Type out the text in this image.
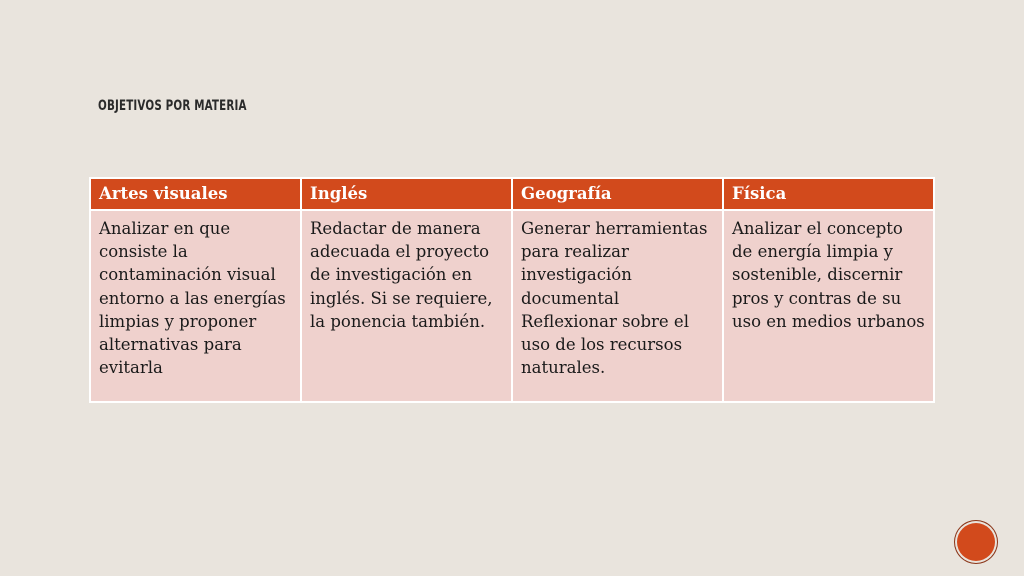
OBJETIVOS POR MATERIA
Artes visuales	Inglés	Geografía	Física
Analizar en que consiste la contaminación visual entorno a las energías limpias y proponer alternativas para evitarla	Redactar de manera adecuada el proyecto de investigación en inglés. Si se requiere, la ponencia también.	Generar herramientas para realizar investigación documental Reflexionar sobre el uso de los recursos naturales.	Analizar el concepto de energía limpia y sostenible, discernir pros y contras de su uso en medios urbanos
